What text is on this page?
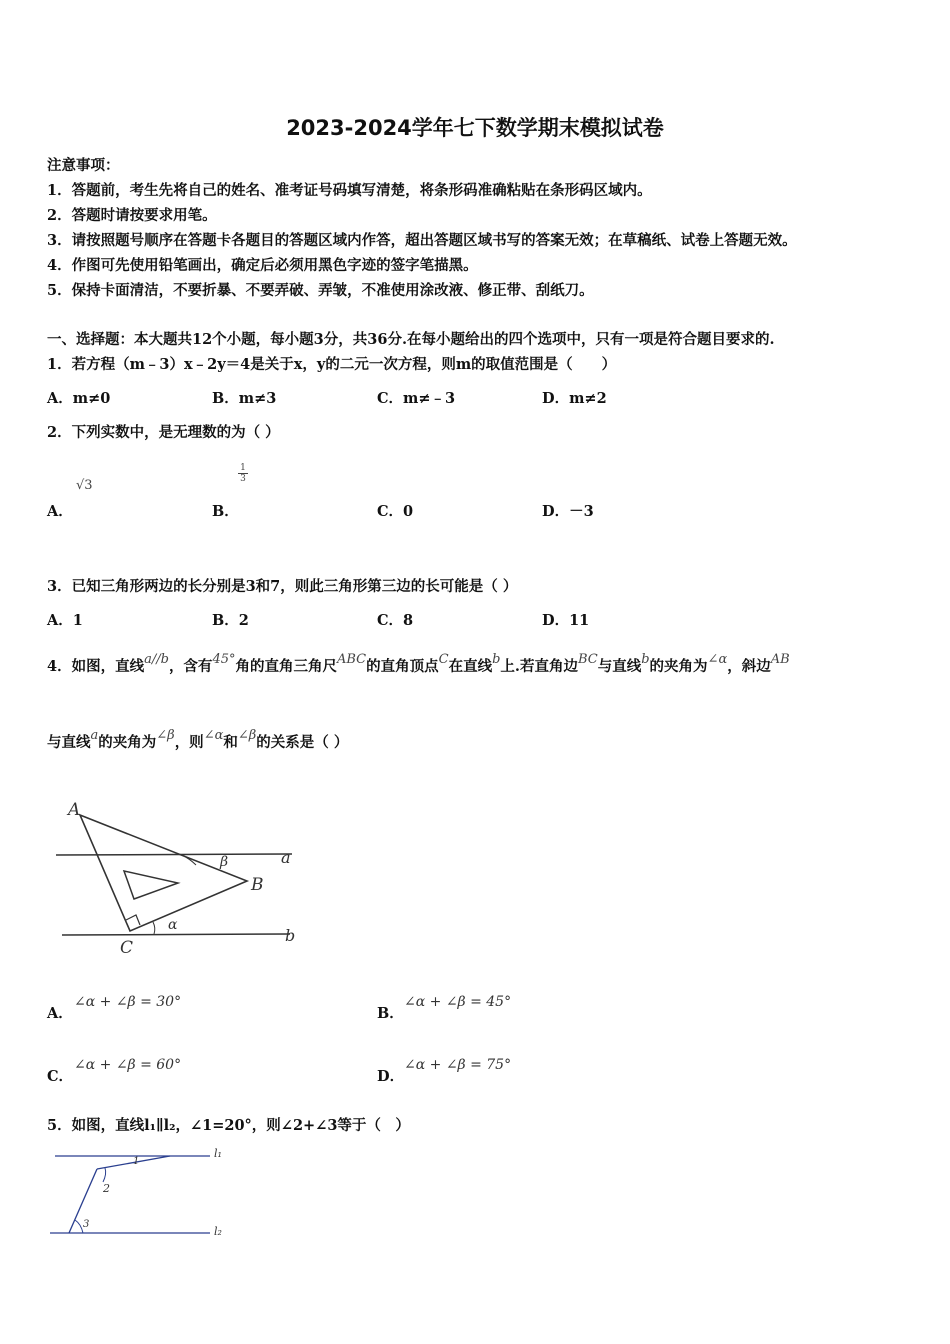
2023-2024学年七下数学期末模拟试卷
注意事项：
1．答题前，考生先将自己的姓名、准考证号码填写清楚，将条形码准确粘贴在条形码区域内。
2．答题时请按要求用笔。
3．请按照题号顺序在答题卡各题目的答题区域内作答，超出答题区域书写的答案无效；在草稿纸、试卷上答题无效。
4．作图可先使用铅笔画出，确定后必须用黑色字迹的签字笔描黑。
5．保持卡面清洁，不要折暴、不要弄破、弄皱，不准使用涂改液、修正带、刮纸刀。
一、选择题：本大题共12个小题，每小题3分，共36分.在每小题给出的四个选项中，只有一项是符合题目要求的.
1．若方程（m﹣3）x﹣2y＝4是关于x，y的二元一次方程，则m的取值范围是（　　）
A．m≠0	B．m≠3	C．m≠﹣3	D．m≠2
2．下列实数中，是无理数的为（ ）
A．
√3
B．
$\frac{1}{3}$
C．0	D．－3
3．已知三角形两边的长分别是3和7，则此三角形第三边的长可能是（ ）
A．1	B．2	C．8	D．11
4．如图，直线a//b，含有45°角的直角三角尺ABC的直角顶点C在直线b上.若直角边BC与直线b的夹角为∠α，斜边AB
与直线a的夹角为∠β，则∠α和∠β的关系是（ ）
A
B
C
a
b
β
α
A．
∠α + ∠β = 30°
B．
∠α + ∠β = 45°
C．
∠α + ∠β = 60°
D．
∠α + ∠β = 75°
5．如图，直线l₁∥l₂，∠1=20°，则∠2+∠3等于（　）
l₁
l₂
1
2
3
